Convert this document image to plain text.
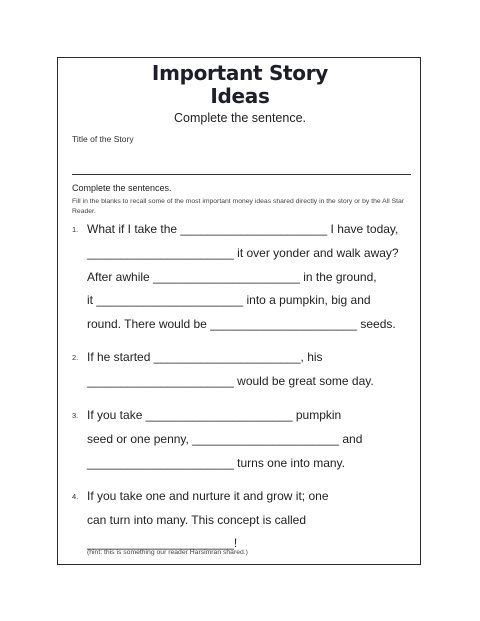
Important Story
Ideas
Complete the sentence.
Title of the Story
Complete the sentences.
Fill in the blanks to recall some of the most important money ideas shared directly in the story or by the All Star Reader.
1. What if I take the ______________________ I have today,
______________________ it over yonder and walk away?
After awhile ______________________ in the ground,
it ______________________ into a pumpkin, big and
round. There would be ______________________ seeds.
2. If he started ______________________, his
______________________ would be great some day.
3. If you take ______________________ pumpkin
seed or one penny, ______________________ and
______________________ turns one into many.
4. If you take one and nurture it and grow it; one
can turn into many. This concept is called
______________________!
(hint: this is something our reader Harsimran shared.)
